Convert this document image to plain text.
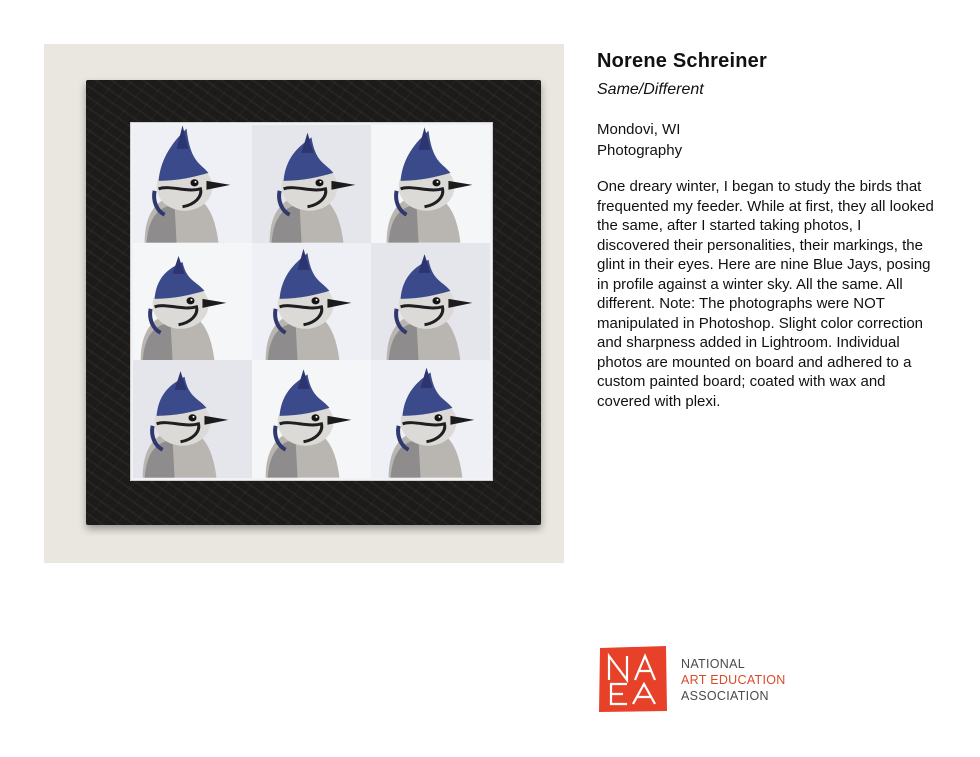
Norene Schreiner
Same/Different
Mondovi, WI
Photography

One dreary winter, I began to study the birds that frequented my feeder. While at first, they all looked the same, after I started taking photos, I discovered their personalities, their markings, the glint in their eyes. Here are nine Blue Jays, posing in profile against a winter sky. All the same. All different. Note: The photographs were NOT manipulated in Photoshop. Slight color correction and sharpness added in Lightroom. Individual photos are mounted on board and adhered to a custom painted board; coated with wax and covered with plexi.

NATIONAL
ART EDUCATION
ASSOCIATION
